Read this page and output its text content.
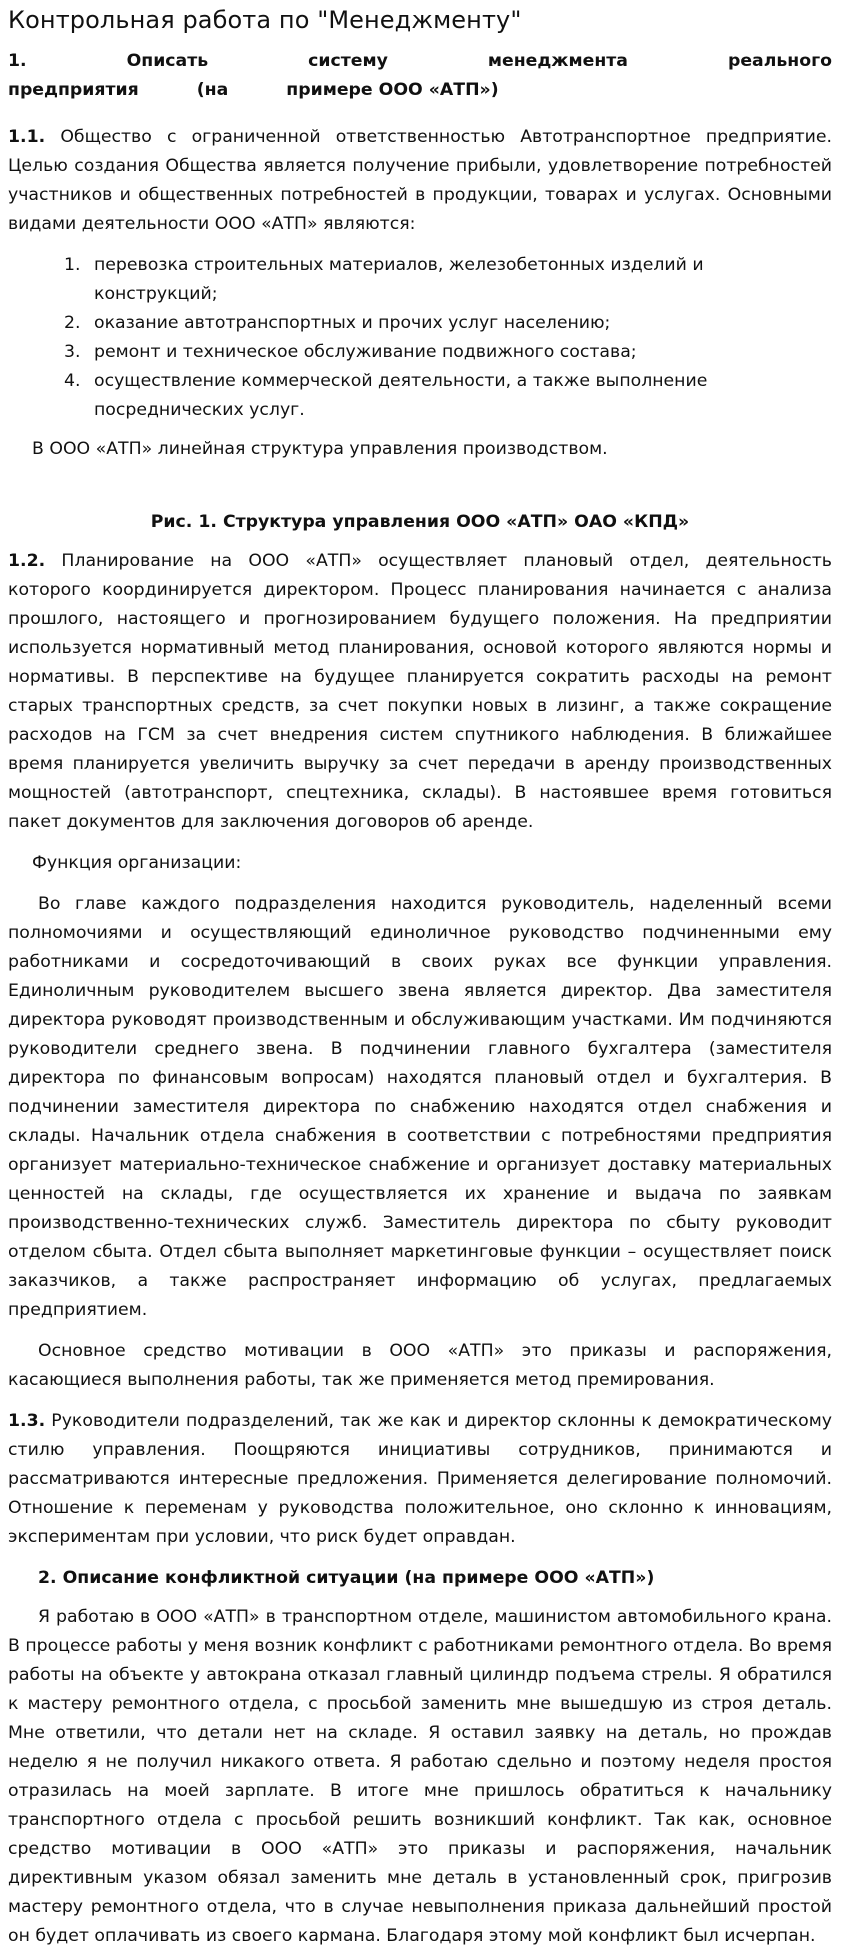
Контрольная работа по "Менеджменту"

1. Описать систему менеджмента реального предприятия (на	примере ООО «АТП»)

1.1. Общество с ограниченной ответственностью Автотранспортное предприятие. Целью создания Общества является получение прибыли, удовлетворение потребностей участников и общественных потребностей в продукции, товарах и услугах. Основными видами деятельности ООО «АТП» являются:

1. перевозка строительных материалов, железобетонных изделий и конструкций;
2. оказание автотранспортных и прочих услуг населению;
3. ремонт и техническое обслуживание подвижного состава;
4. осуществление коммерческой деятельности, а также выполнение посреднических услуг.

В ООО «АТП» линейная структура управления производством.

Рис. 1. Структура управления ООО «АТП» ОАО «КПД»

1.2. Планирование на ООО «АТП» осуществляет плановый отдел, деятельность которого координируется директором. Процесс планирования начинается с анализа прошлого, настоящего и прогнозированием будущего положения. На предприятии используется нормативный метод планирования, основой которого являются нормы и нормативы. В перспективе на будущее планируется сократить расходы на ремонт старых транспортных средств, за счет покупки новых в лизинг, а также сокращение расходов на ГСМ за счет внедрения систем спутникого наблюдения. В ближайшее время планируется увеличить выручку за счет передачи в аренду производственных мощностей (автотранспорт, спецтехника, склады). В настоявшее время готовиться пакет документов для заключения договоров об аренде.

Функция организации:

Во главе каждого подразделения находится руководитель, наделенный всеми полномочиями и осуществляющий единоличное руководство подчиненными ему работниками и сосредоточивающий в своих руках все функции управления. Единоличным руководителем высшего звена является директор. Два заместителя директора руководят производственным и обслуживающим участками. Им подчиняются руководители среднего звена. В подчинении главного бухгалтера (заместителя директора по финансовым вопросам) находятся плановый отдел и бухгалтерия. В подчинении заместителя директора по снабжению находятся отдел снабжения и склады. Начальник отдела снабжения в соответствии с потребностями предприятия организует материально-техническое снабжение и организует доставку материальных ценностей на склады, где осуществляется их хранение и выдача по заявкам производственно-технических служб. Заместитель директора по сбыту руководит отделом сбыта. Отдел сбыта выполняет маркетинговые функции – осуществляет поиск заказчиков, а также распространяет информацию об услугах, предлагаемых предприятием.

Основное средство мотивации в ООО «АТП» это приказы и распоряжения, касающиеся выполнения работы, так же применяется метод премирования.

1.3. Руководители подразделений, так же как и директор склонны к демократическому стилю управления. Поощряются инициативы сотрудников, принимаются и рассматриваются интересные предложения. Применяется делегирование полномочий. Отношение к переменам у руководства положительное, оно склонно к инновациям, экспериментам при условии, что риск будет оправдан.

2. Описание конфликтной ситуации (на примере ООО «АТП»)

Я работаю в ООО «АТП» в транспортном отделе, машинистом автомобильного крана. В процессе работы у меня возник конфликт с работниками ремонтного отдела. Во время работы на объекте у автокрана отказал главный цилиндр подъема стрелы. Я обратился к мастеру ремонтного отдела, с просьбой заменить мне вышедшую из строя деталь. Мне ответили, что детали нет на складе. Я оставил заявку на деталь, но прождав неделю я не получил никакого ответа. Я работаю сдельно и поэтому неделя простоя отразилась на моей зарплате. В итоге мне пришлось обратиться к начальнику транспортного отдела с просьбой решить возникший конфликт. Так как, основное средство мотивации в ООО «АТП» это приказы и распоряжения, начальник директивным указом обязал заменить мне деталь в установленный срок, пригрозив мастеру ремонтного отдела, что в случае невыполнения приказа дальнейший простой он будет оплачивать из своего кармана. Благодаря этому мой конфликт был исчерпан.
